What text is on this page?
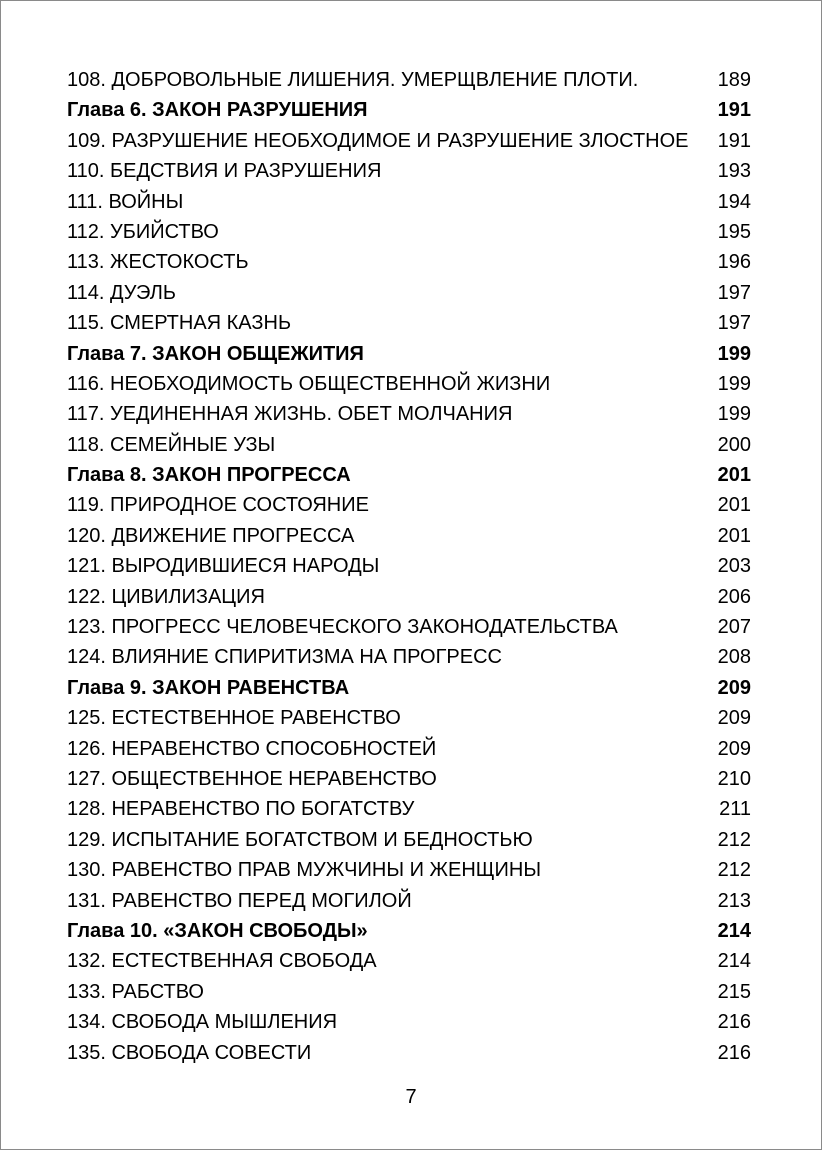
108. ДОБРОВОЛЬНЫЕ ЛИШЕНИЯ. УМЕРЩВЛЕНИЕ ПЛОТИ.	189
Глава 6. ЗАКОН РАЗРУШЕНИЯ	191
109. РАЗРУШЕНИЕ НЕОБХОДИМОЕ И РАЗРУШЕНИЕ ЗЛОСТНОЕ 191
110. БЕДСТВИЯ И РАЗРУШЕНИЯ	193
111. ВОЙНЫ	194
112. УБИЙСТВО	195
113. ЖЕСТОКОСТЬ	196
114. ДУЭЛЬ	197
115. СМЕРТНАЯ КАЗНЬ	197
Глава 7. ЗАКОН ОБЩЕЖИТИЯ	199
116. НЕОБХОДИМОСТЬ ОБЩЕСТВЕННОЙ ЖИЗНИ	199
117. УЕДИНЕННАЯ ЖИЗНЬ. ОБЕТ МОЛЧАНИЯ	199
118. СЕМЕЙНЫЕ УЗЫ	200
Глава 8. ЗАКОН ПРОГРЕССА	201
119. ПРИРОДНОЕ СОСТОЯНИЕ	201
120. ДВИЖЕНИЕ ПРОГРЕССА	201
121. ВЫРОДИВШИЕСЯ НАРОДЫ	203
122. ЦИВИЛИЗАЦИЯ	206
123. ПРОГРЕСС ЧЕЛОВЕЧЕСКОГО ЗАКОНОДАТЕЛЬСТВА	207
124. ВЛИЯНИЕ СПИРИТИЗМА НА ПРОГРЕСС	208
Глава 9. ЗАКОН РАВЕНСТВА	209
125. ЕСТЕСТВЕННОЕ РАВЕНСТВО	209
126. НЕРАВЕНСТВО СПОСОБНОСТЕЙ	209
127. ОБЩЕСТВЕННОЕ НЕРАВЕНСТВО	210
128. НЕРАВЕНСТВО ПО БОГАТСТВУ	211
129. ИСПЫТАНИЕ БОГАТСТВОМ И БЕДНОСТЬЮ	212
130. РАВЕНСТВО ПРАВ МУЖЧИНЫ И ЖЕНЩИНЫ	212
131. РАВЕНСТВО ПЕРЕД МОГИЛОЙ	213
Глава 10. «ЗАКОН СВОБОДЫ»	214
132. ЕСТЕСТВЕННАЯ СВОБОДА	214
133. РАБСТВО	215
134. СВОБОДА МЫШЛЕНИЯ	216
135. СВОБОДА СОВЕСТИ	216
7
